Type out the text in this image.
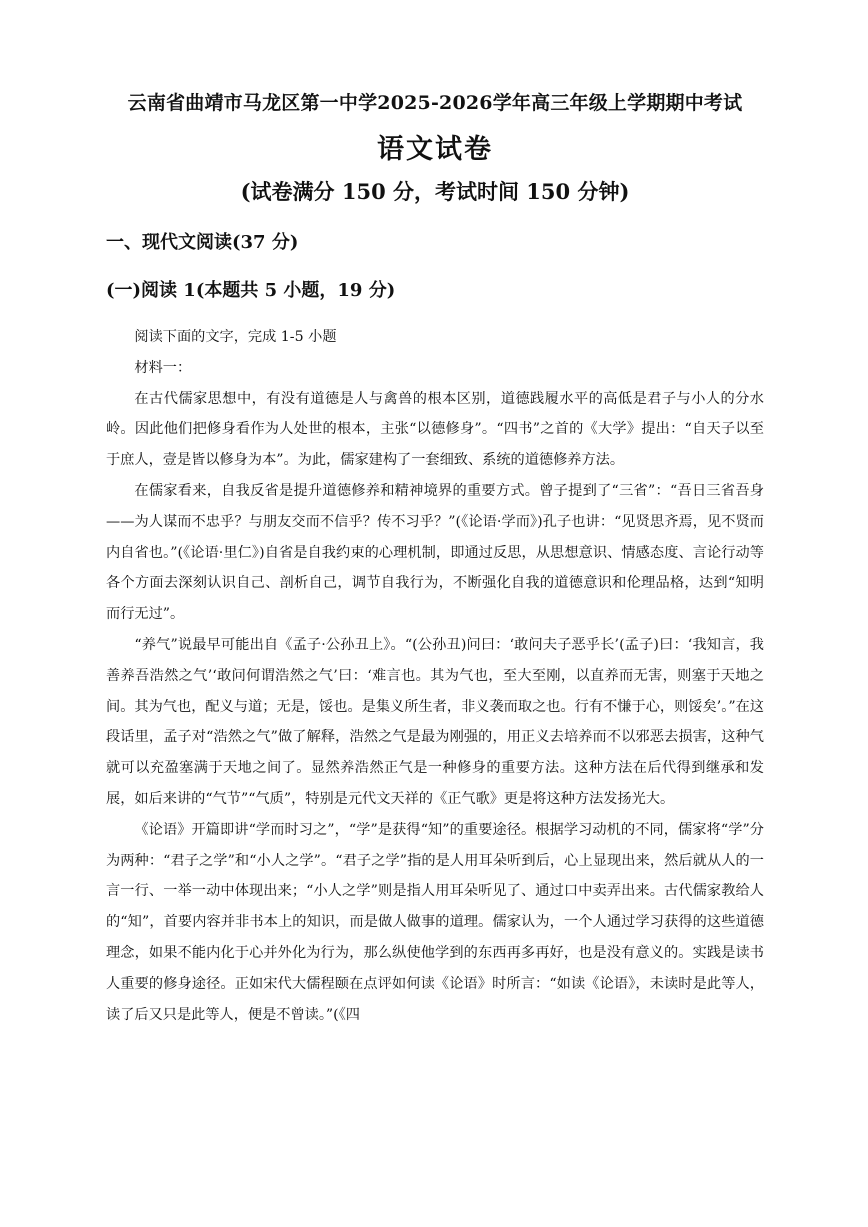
云南省曲靖市马龙区第一中学2025-2026学年高三年级上学期期中考试
语文试卷
(试卷满分 150 分，考试时间 150 分钟)
一、现代文阅读(37 分)
(一)阅读 1(本题共 5 小题，19 分)

阅读下面的文字，完成 1-5 小题

材料一：

在古代儒家思想中，有没有道德是人与禽兽的根本区别，道德践履水平的高低是君子与小人的分水岭。因此他们把修身看作为人处世的根本，主张“以德修身”。“四书”之首的《大学》提出：“自天子以至于庶人，壹是皆以修身为本”。为此，儒家建构了一套细致、系统的道德修养方法。

在儒家看来，自我反省是提升道德修养和精神境界的重要方式。曾子提到了“三省”：“吾日三省吾身——为人谋而不忠乎？与朋友交而不信乎？传不习乎？”(《论语·学而》)孔子也讲：“见贤思齐焉，见不贤而内自省也。”(《论语·里仁》)自省是自我约束的心理机制，即通过反思，从思想意识、情感态度、言论行动等各个方面去深刻认识自己、剖析自己，调节自我行为，不断强化自我的道德意识和伦理品格，达到“知明而行无过”。

“养气”说最早可能出自《孟子·公孙丑上》。“(公孙丑)问曰：‘敢问夫子恶乎长’(孟子)曰：‘我知言，我善养吾浩然之气’‘敢问何谓浩然之气’曰：‘难言也。其为气也，至大至刚，以直养而无害，则塞于天地之间。其为气也，配义与道；无是，馁也。是集义所生者，非义袭而取之也。行有不慊于心，则馁矣’。”在这段话里，孟子对“浩然之气”做了解释，浩然之气是最为刚强的，用正义去培养而不以邪恶去损害，这种气就可以充盈塞满于天地之间了。显然养浩然正气是一种修身的重要方法。这种方法在后代得到继承和发展，如后来讲的“气节”“气质”，特别是元代文天祥的《正气歌》更是将这种方法发扬光大。

《论语》开篇即讲“学而时习之”，“学”是获得“知”的重要途径。根据学习动机的不同，儒家将“学”分为两种：“君子之学”和“小人之学”。“君子之学”指的是人用耳朵听到后，心上显现出来，然后就从人的一言一行、一举一动中体现出来；“小人之学”则是指人用耳朵听见了、通过口中卖弄出来。古代儒家教给人的“知”，首要内容并非书本上的知识，而是做人做事的道理。儒家认为，一个人通过学习获得的这些道德理念，如果不能内化于心并外化为行为，那么纵使他学到的东西再多再好，也是没有意义的。实践是读书人重要的修身途径。正如宋代大儒程颐在点评如何读《论语》时所言：“如读《论语》，未读时是此等人，读了后又只是此等人，便是不曾读。”(《四
